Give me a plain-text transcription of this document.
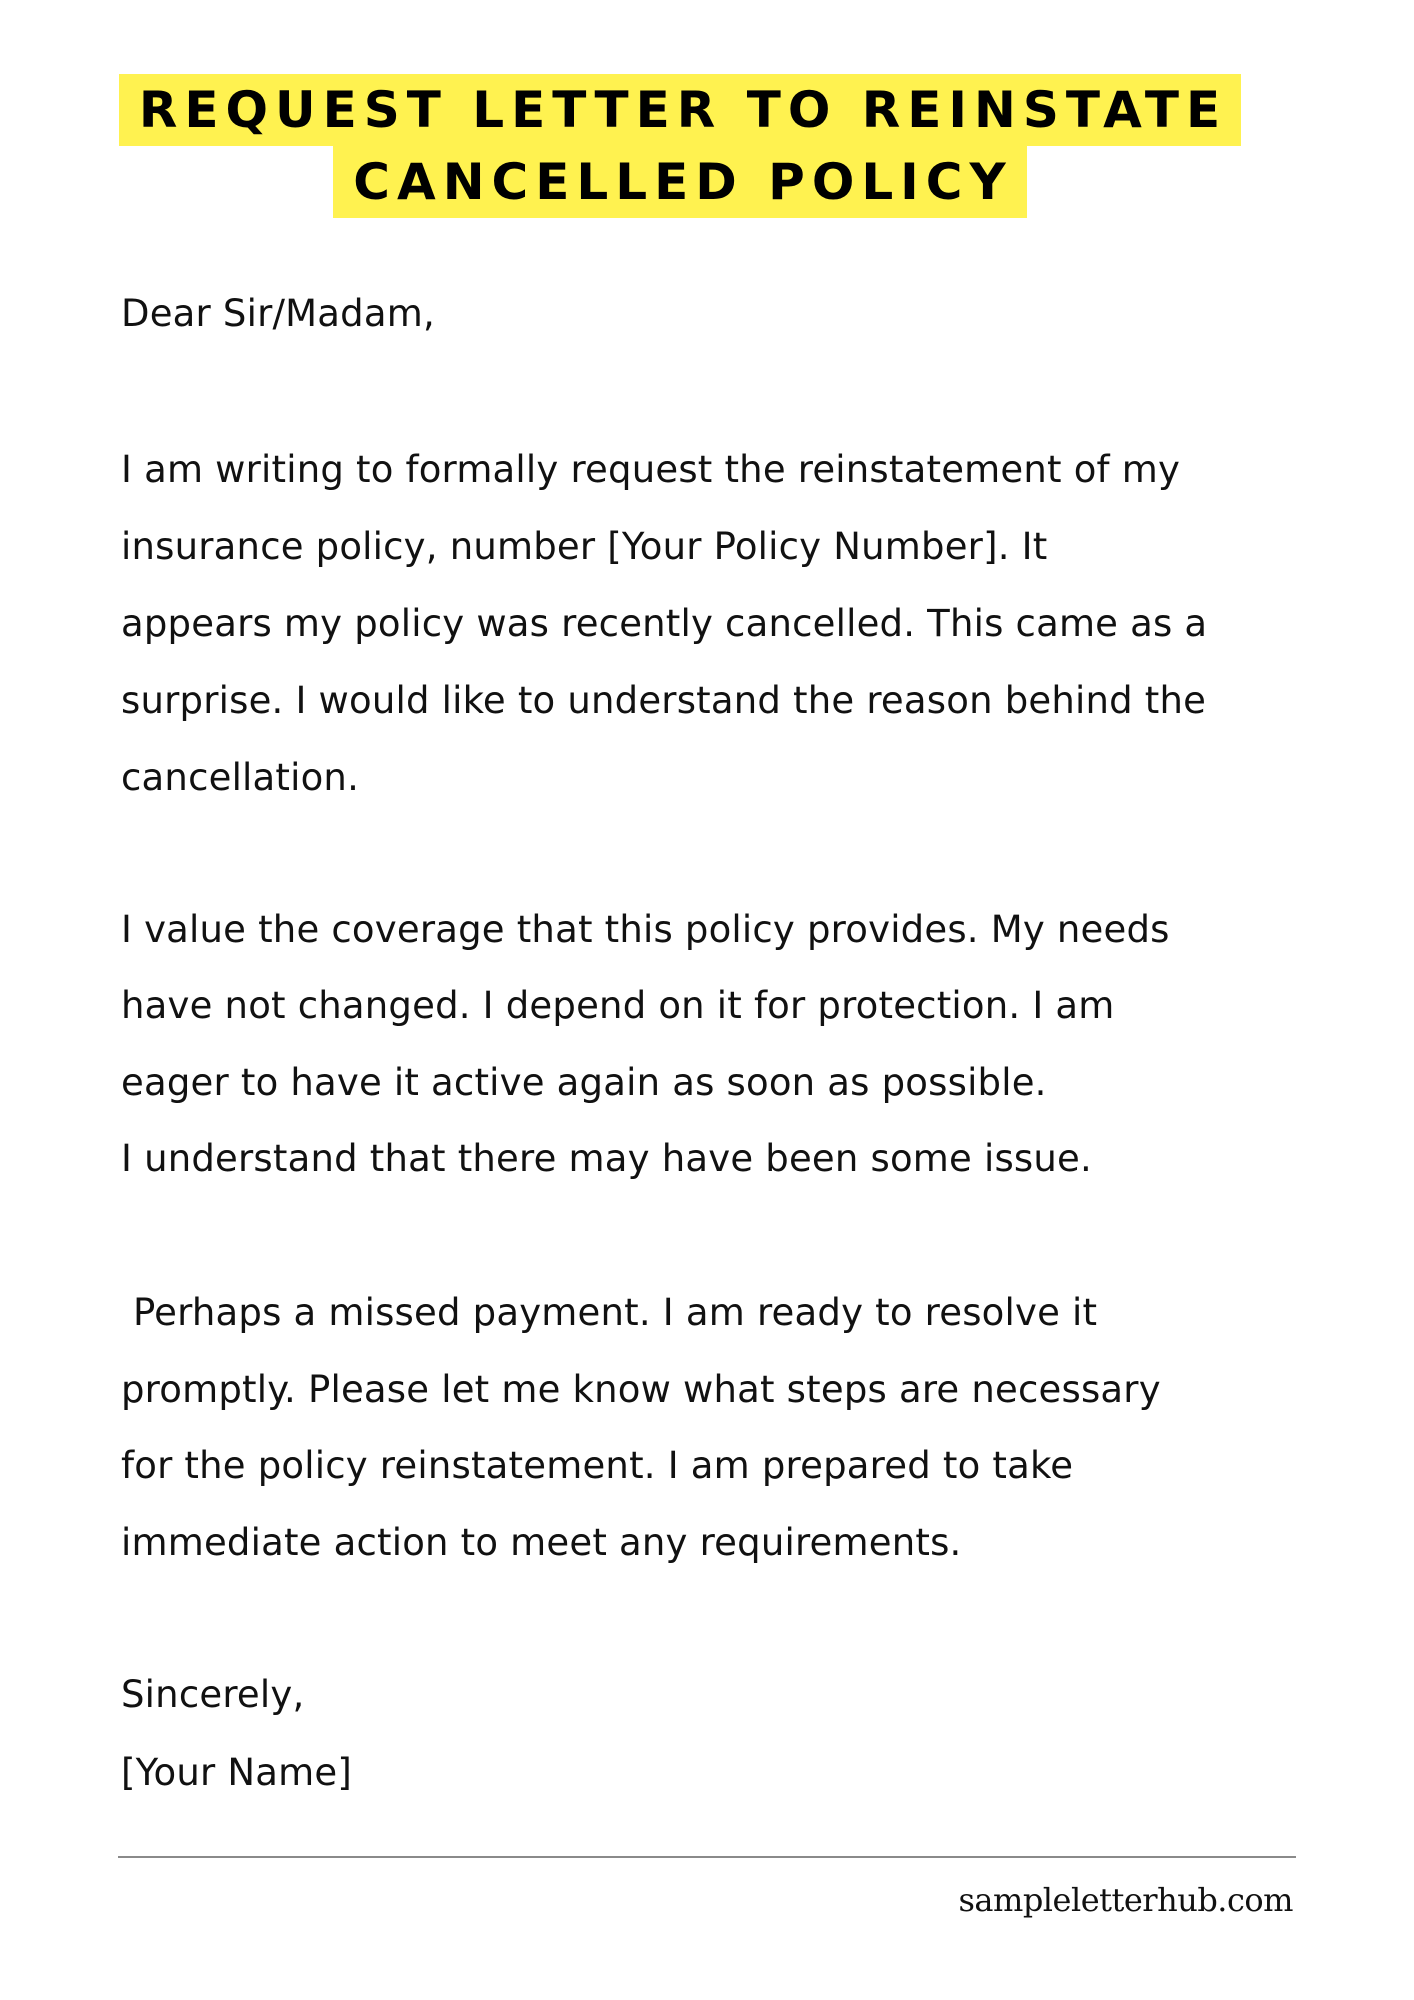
REQUEST LETTER TO REINSTATE
CANCELLED POLICY
Dear Sir/Madam,
I am writing to formally request the reinstatement of my
insurance policy, number [Your Policy Number]. It
appears my policy was recently cancelled. This came as a
surprise. I would like to understand the reason behind the
cancellation.
I value the coverage that this policy provides. My needs
have not changed. I depend on it for protection. I am
eager to have it active again as soon as possible.
I understand that there may have been some issue.
Perhaps a missed payment. I am ready to resolve it
promptly. Please let me know what steps are necessary
for the policy reinstatement. I am prepared to take
immediate action to meet any requirements.
Sincerely,
[Your Name]
sampleletterhub.com
